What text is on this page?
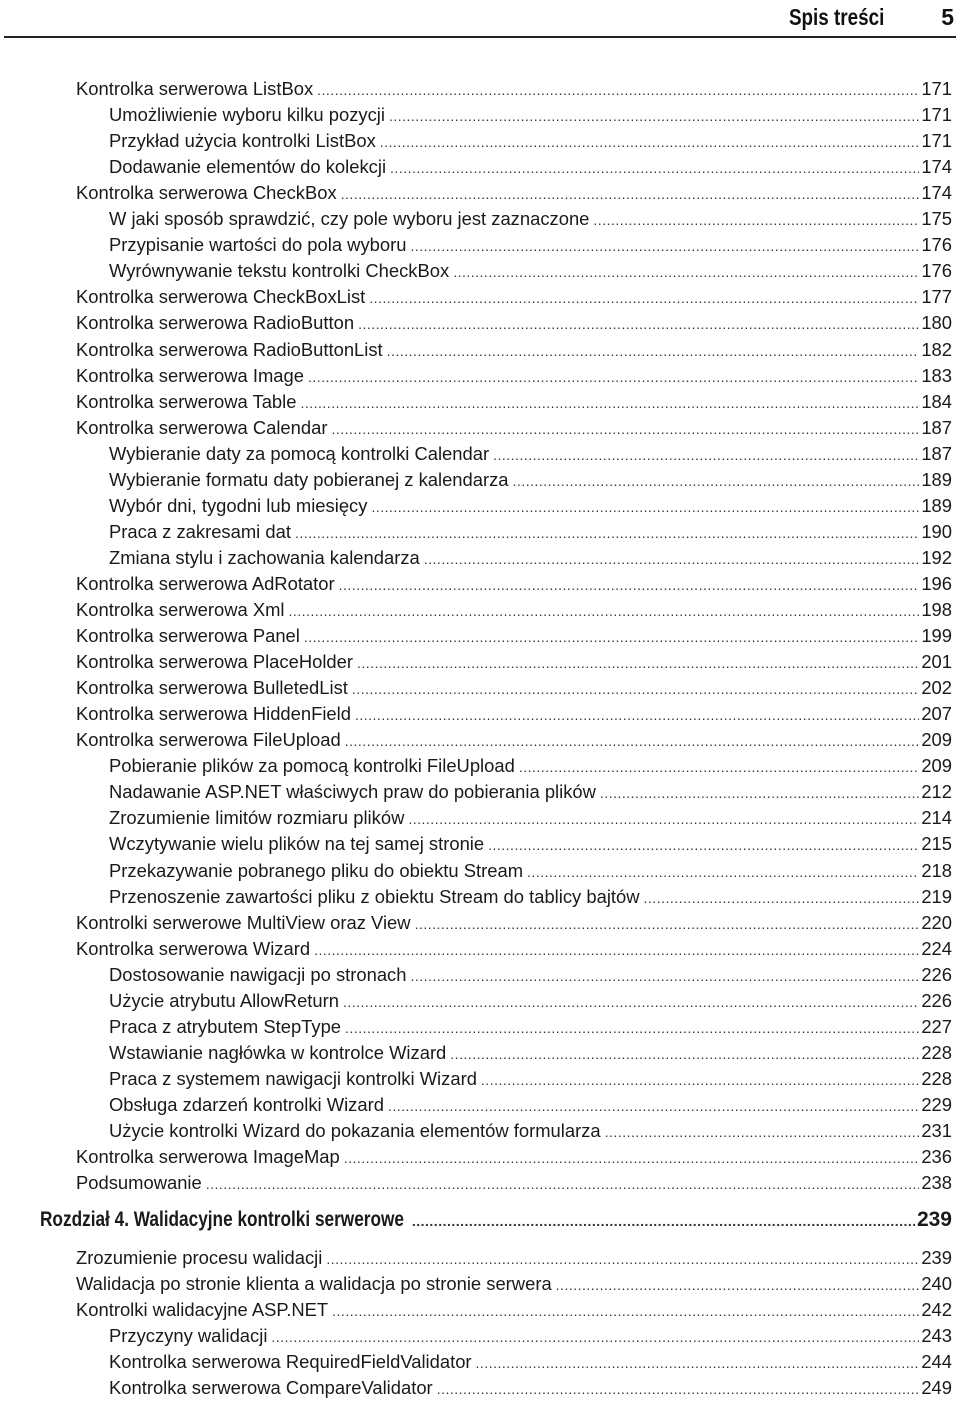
Spis treści 5
Kontrolka serwerowa ListBox .....	171
Umożliwienie wyboru kilku pozycji .....	171
Przykład użycia kontrolki ListBox .....	171
Dodawanie elementów do kolekcji .....	174
Kontrolka serwerowa CheckBox .....	174
W jaki sposób sprawdzić, czy pole wyboru jest zaznaczone .....	175
Przypisanie wartości do pola wyboru .....	176
Wyrównywanie tekstu kontrolki CheckBox .....	176
Kontrolka serwerowa CheckBoxList .....	177
Kontrolka serwerowa RadioButton .....	180
Kontrolka serwerowa RadioButtonList .....	182
Kontrolka serwerowa Image .....	183
Kontrolka serwerowa Table .....	184
Kontrolka serwerowa Calendar .....	187
Wybieranie daty za pomocą kontrolki Calendar .....	187
Wybieranie formatu daty pobieranej z kalendarza .....	189
Wybór dni, tygodni lub miesięcy .....	189
Praca z zakresami dat .....	190
Zmiana stylu i zachowania kalendarza .....	192
Kontrolka serwerowa AdRotator .....	196
Kontrolka serwerowa Xml .....	198
Kontrolka serwerowa Panel .....	199
Kontrolka serwerowa PlaceHolder .....	201
Kontrolka serwerowa BulletedList .....	202
Kontrolka serwerowa HiddenField .....	207
Kontrolka serwerowa FileUpload .....	209
Pobieranie plików za pomocą kontrolki FileUpload .....	209
Nadawanie ASP.NET właściwych praw do pobierania plików .....	212
Zrozumienie limitów rozmiaru plików .....	214
Wczytywanie wielu plików na tej samej stronie .....	215
Przekazywanie pobranego pliku do obiektu Stream .....	218
Przenoszenie zawartości pliku z obiektu Stream do tablicy bajtów .....	219
Kontrolki serwerowe MultiView oraz View .....	220
Kontrolka serwerowa Wizard .....	224
Dostosowanie nawigacji po stronach .....	226
Użycie atrybutu AllowReturn .....	226
Praca z atrybutem StepType .....	227
Wstawianie nagłówka w kontrolce Wizard .....	228
Praca z systemem nawigacji kontrolki Wizard .....	228
Obsługa zdarzeń kontrolki Wizard .....	229
Użycie kontrolki Wizard do pokazania elementów formularza .....	231
Kontrolka serwerowa ImageMap .....	236
Podsumowanie .....	238
Rozdział 4. Walidacyjne kontrolki serwerowe .....	239
Zrozumienie procesu walidacji .....	239
Walidacja po stronie klienta a walidacja po stronie serwera .....	240
Kontrolki walidacyjne ASP.NET .....	242
Przyczyny walidacji .....	243
Kontrolka serwerowa RequiredFieldValidator .....	244
Kontrolka serwerowa CompareValidator .....	249
